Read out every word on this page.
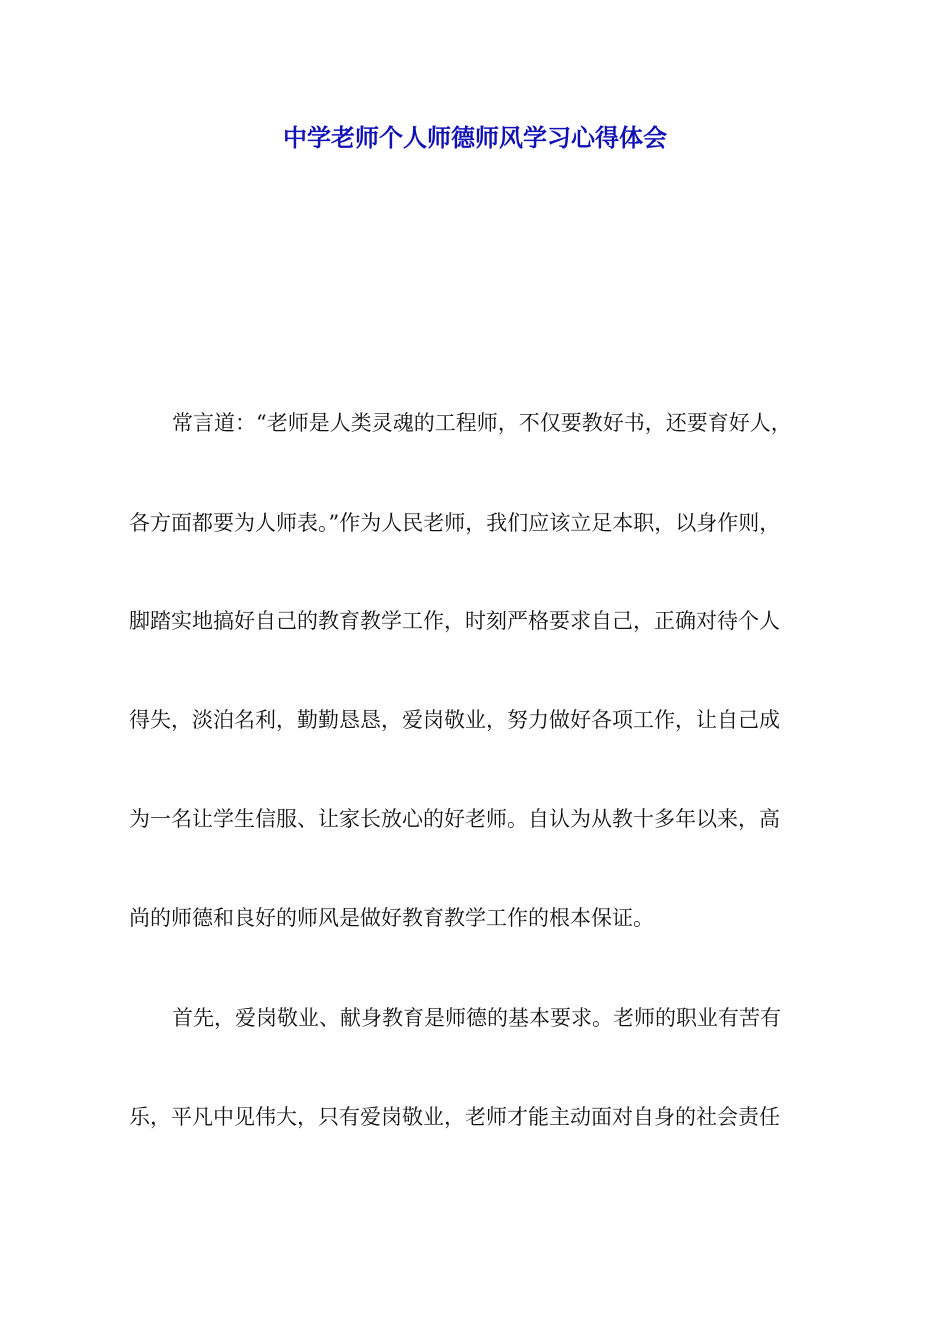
中学老师个人师德师风学习心得体会
常言道：“老师是人类灵魂的工程师，不仅要教好书，还要育好人，
各方面都要为人师表。”作为人民老师，我们应该立足本职，以身作则，
脚踏实地搞好自己的教育教学工作，时刻严格要求自己，正确对待个人
得失，淡泊名利，勤勤恳恳，爱岗敬业，努力做好各项工作，让自己成
为一名让学生信服、让家长放心的好老师。自认为从教十多年以来，高
尚的师德和良好的师风是做好教育教学工作的根本保证。
首先，爱岗敬业、献身教育是师德的基本要求。老师的职业有苦有
乐，平凡中见伟大，只有爱岗敬业，老师才能主动面对自身的社会责任
